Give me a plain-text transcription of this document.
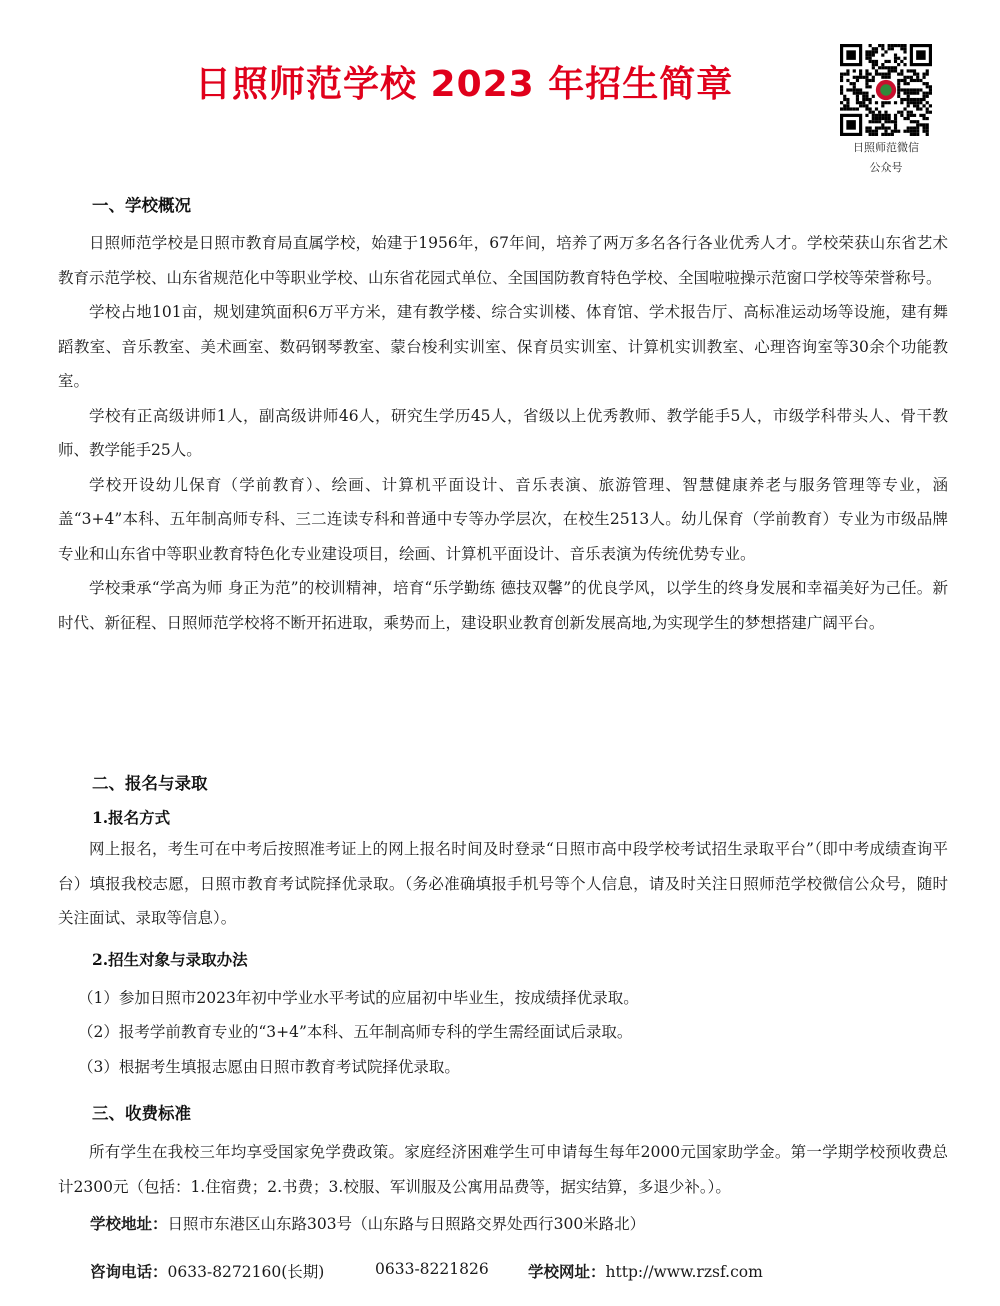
日照师范学校 2023 年招生简章
日照师范微信
公众号
一、学校概况

日照师范学校是日照市教育局直属学校，始建于1956年，67年间，培养了两万多名各行各业优秀人才。学校荣获山东省艺术教育示范学校、山东省规范化中等职业学校、山东省花园式单位、全国国防教育特色学校、全国啦啦操示范窗口学校等荣誉称号。

学校占地101亩，规划建筑面积6万平方米，建有教学楼、综合实训楼、体育馆、学术报告厅、高标准运动场等设施，建有舞蹈教室、音乐教室、美术画室、数码钢琴教室、蒙台梭利实训室、保育员实训室、计算机实训教室、心理咨询室等30余个功能教室。

学校有正高级讲师1人，副高级讲师46人，研究生学历45人，省级以上优秀教师、教学能手5人，市级学科带头人、骨干教师、教学能手25人。

学校开设幼儿保育（学前教育）、绘画、计算机平面设计、音乐表演、旅游管理、智慧健康养老与服务管理等专业，涵盖“3+4”本科、五年制高师专科、三二连读专科和普通中专等办学层次，在校生2513人。幼儿保育（学前教育）专业为市级品牌专业和山东省中等职业教育特色化专业建设项目，绘画、计算机平面设计、音乐表演为传统优势专业。

学校秉承“学高为师 身正为范”的校训精神，培育“乐学勤练 德技双馨”的优良学风，以学生的终身发展和幸福美好为己任。新时代、新征程、日照师范学校将不断开拓进取，乘势而上，建设职业教育创新发展高地,为实现学生的梦想搭建广阔平台。

二、报名与录取
1.报名方式

网上报名，考生可在中考后按照准考证上的网上报名时间及时登录“日照市高中段学校考试招生录取平台”（即中考成绩查询平台）填报我校志愿，日照市教育考试院择优录取。（务必准确填报手机号等个人信息，请及时关注日照师范学校微信公众号，随时关注面试、录取等信息）。

2.招生对象与录取办法
（1）参加日照市2023年初中学业水平考试的应届初中毕业生，按成绩择优录取。
（2）报考学前教育专业的“3+4”本科、五年制高师专科的学生需经面试后录取。
（3）根据考生填报志愿由日照市教育考试院择优录取。
三、收费标准

所有学生在我校三年均享受国家免学费政策。家庭经济困难学生可申请每生每年2000元国家助学金。第一学期学校预收费总计2300元（包括：1.住宿费；2.书费；3.校服、军训服及公寓用品费等，据实结算，多退少补。）。

学校地址：日照市东港区山东路303号（山东路与日照路交界处西行300米路北）
咨询电话：0633-8272160(长期)	0633-8221826	学校网址：http://www.rzsf.com
